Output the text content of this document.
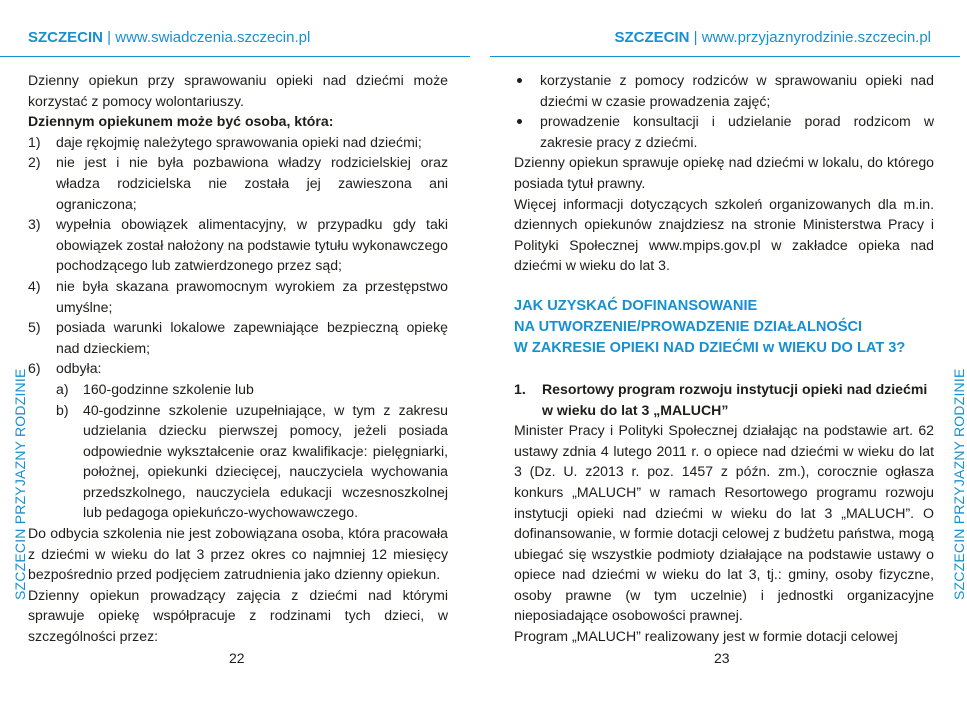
SZCZECIN | www.swiadczenia.szczecin.pl	SZCZECIN | www.przyjaznyrodzinie.szczecin.pl
SZCZECIN PRZYJAZNY RODZINIE	SZCZECIN PRZYJAZNY RODZINIE

Dzienny opiekun przy sprawowaniu opieki nad dziećmi może korzystać z pomocy wolontariuszy.

Dziennym opiekunem może być osoba, która:

1) daje rękojmię należytego sprawowania opieki nad dziećmi;
2) nie jest i nie była pozbawiona władzy rodzicielskiej oraz władza rodzicielska nie została jej zawieszona ani ograniczona;
3) wypełnia obowiązek alimentacyjny, w przypadku gdy taki obowiązek został nałożony na podstawie tytułu wykonawczego pochodzącego lub zatwierdzonego przez sąd;
4) nie była skazana prawomocnym wyrokiem za przestępstwo umyślne;
5) posiada warunki lokalowe zapewniające bezpieczną opiekę nad dzieckiem;
6) odbyła:
a) 160-godzinne szkolenie lub
b) 40-godzinne szkolenie uzupełniające, w tym z zakresu udzielania dziecku pierwszej pomocy, jeżeli posiada odpowiednie wykształcenie oraz kwalifikacje: pielęgniarki, położnej, opiekunki dziecięcej, nauczyciela wychowania przedszkolnego, nauczyciela edukacji wczesnoszkolnej lub pedagoga opiekuńczo-wychowawczego.

Do odbycia szkolenia nie jest zobowiązana osoba, która pracowała z dziećmi w wieku do lat 3 przez okres co najmniej 12 miesięcy bezpośrednio przed podjęciem zatrudnienia jako dzienny opiekun.

Dzienny opiekun prowadzący zajęcia z dziećmi nad którymi sprawuje opiekę współpracuje z rodzinami tych dzieci, w szczególności przez:

22
korzystanie z pomocy rodziców w sprawowaniu opieki nad dziećmi w czasie prowadzenia zajęć;
prowadzenie konsultacji i udzielanie porad rodzicom w zakresie pracy z dziećmi.

Dzienny opiekun sprawuje opiekę nad dziećmi w lokalu, do którego posiada tytuł prawny.

Więcej informacji dotyczących szkoleń organizowanych dla m.in. dziennych opiekunów znajdziesz na stronie Ministerstwa Pracy i Polityki Społecznej www.mpips.gov.pl w zakładce opieka nad dziećmi w wieku do lat 3.

JAK UZYSKAĆ DOFINANSOWANIE

NA UTWORZENIE/PROWADZENIE DZIAŁALNOŚCI

W ZAKRESIE OPIEKI NAD DZIEĆMI w WIEKU DO LAT 3?

1. Resortowy program rozwoju instytucji opieki nad dziećmi w wieku do lat 3 „MALUCH”

Minister Pracy i Polityki Społecznej działając na podstawie art. 62 ustawy zdnia 4 lutego 2011 r. o opiece nad dziećmi w wieku do lat 3 (Dz. U. z2013 r. poz. 1457 z późn. zm.), corocznie ogłasza konkurs „MALUCH” w ramach Resortowego programu rozwoju instytucji opieki nad dziećmi w wieku do lat 3 „MALUCH”. O dofinansowanie, w formie dotacji celowej z budżetu państwa, mogą ubiegać się wszystkie podmioty działające na podstawie ustawy o opiece nad dziećmi w wieku do lat 3, tj.: gminy, osoby fizyczne, osoby prawne (w tym uczelnie) i jednostki organizacyjne nieposiadające osobowości prawnej.

Program „MALUCH” realizowany jest w formie dotacji celowej

23
